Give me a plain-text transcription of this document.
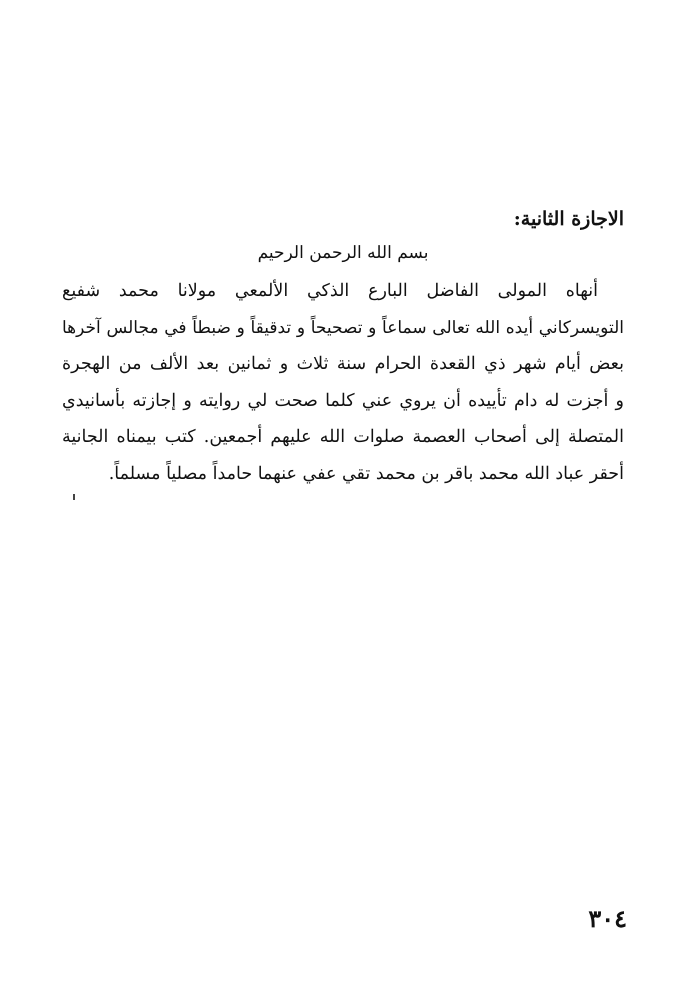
الاجازة الثانية:

بسم الله الرحمن الرحيم

أنهاه المولى الفاضل البارع الذكي الألمعي مولانا محمد شفيع

التويسركاني أيده الله تعالى سماعاً و تصحيحاً و تدقيقاً و ضبطاً في مجالس آخرها

بعض أيام شهر ذي القعدة الحرام سنة ثلاث و ثمانين بعد الألف من الهجرة

و أجزت له دام تأييده أن يروي عني كلما صحت لي روايته و إجازته بأسانيدي

المتصلة إلى أصحاب العصمة صلوات الله عليهم أجمعين. كتب بيمناه الجانية

أحقر عباد الله محمد باقر بن محمد تقي عفي عنهما حامداً مصلياً مسلماً.

٣٠٤
